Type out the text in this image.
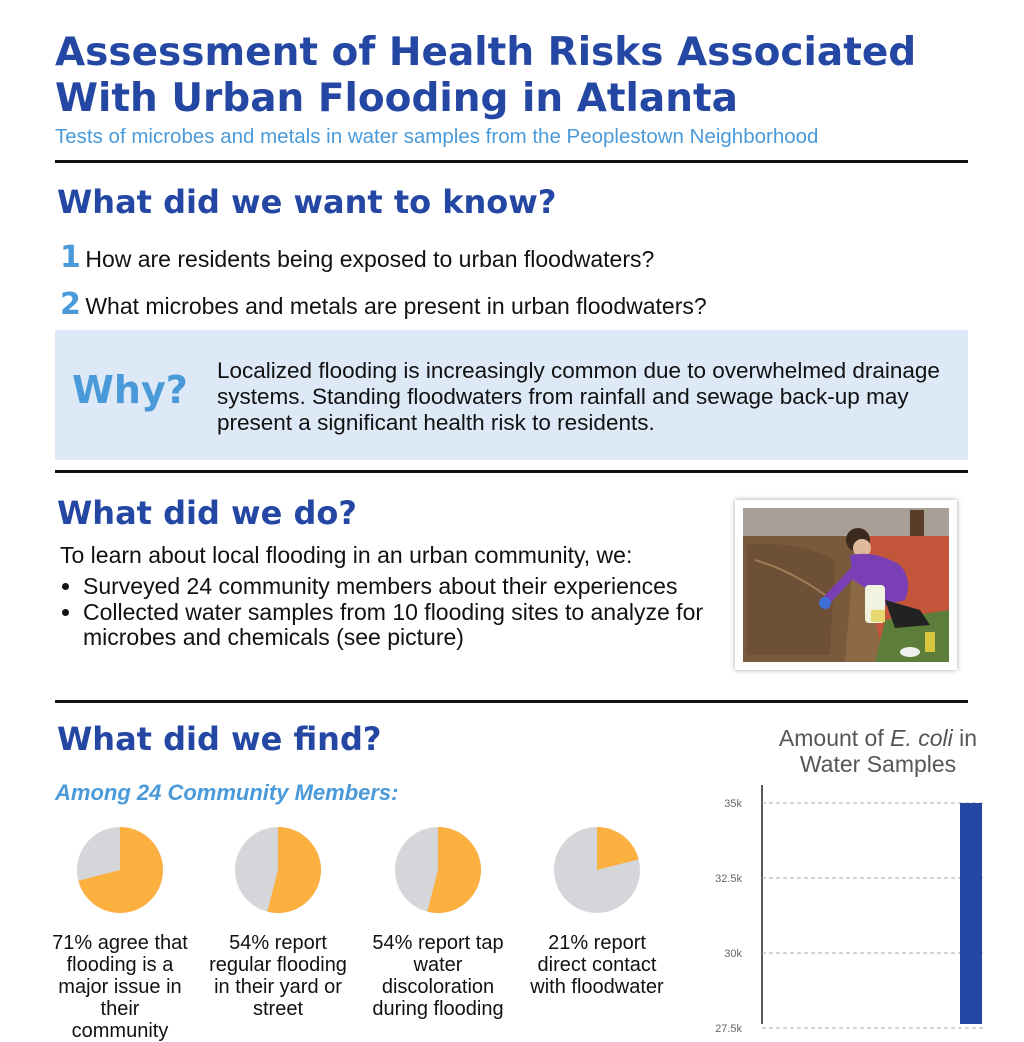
Assessment of Health Risks Associated With Urban Flooding in Atlanta
Tests of microbes and metals in water samples from the Peoplestown Neighborhood
What did we want to know?
1 How are residents being exposed to urban floodwaters?
2 What microbes and metals are present in urban floodwaters?
Why? Localized flooding is increasingly common due to overwhelmed drainage systems. Standing floodwaters from rainfall and sewage back-up may present a significant health risk to residents.
What did we do?
To learn about local flooding in an urban community, we:
• Surveyed 24 community members about their experiences
• Collected water samples from 10 flooding sites to analyze for microbes and chemicals (see picture)
What did we find?
Among 24 Community Members:
71% agree that flooding is a major issue in their community
54% report regular flooding in their yard or street
54% report tap water discoloration during flooding
21% report direct contact with floodwater
Amount of E. coli in Water Samples
35k
32.5k
30k
27.5k
